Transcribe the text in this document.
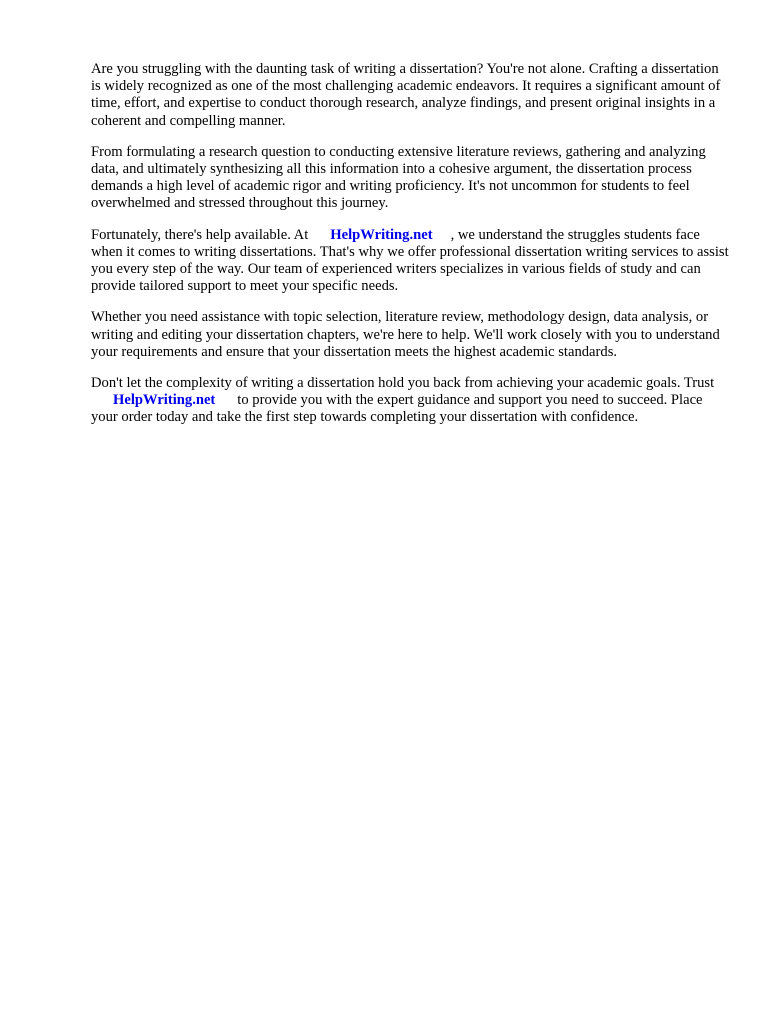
Are you struggling with the daunting task of writing a dissertation? You're not alone. Crafting a dissertation is widely recognized as one of the most challenging academic endeavors. It requires a significant amount of time, effort, and expertise to conduct thorough research, analyze findings, and present original insights in a coherent and compelling manner.

From formulating a research question to conducting extensive literature reviews, gathering and analyzing data, and ultimately synthesizing all this information into a cohesive argument, the dissertation process demands a high level of academic rigor and writing proficiency. It's not uncommon for students to feel overwhelmed and stressed throughout this journey.

Fortunately, there's help available. At HelpWriting.net , we understand the struggles students face when it comes to writing dissertations. That's why we offer professional dissertation writing services to assist you every step of the way. Our team of experienced writers specializes in various fields of study and can provide tailored support to meet your specific needs.

Whether you need assistance with topic selection, literature review, methodology design, data analysis, or writing and editing your dissertation chapters, we're here to help. We'll work closely with you to understand your requirements and ensure that your dissertation meets the highest academic standards.

Don't let the complexity of writing a dissertation hold you back from achieving your academic goals. TrustHelpWriting.net to provide you with the expert guidance and support you need to succeed. Place your order today and take the first step towards completing your dissertation with confidence.
